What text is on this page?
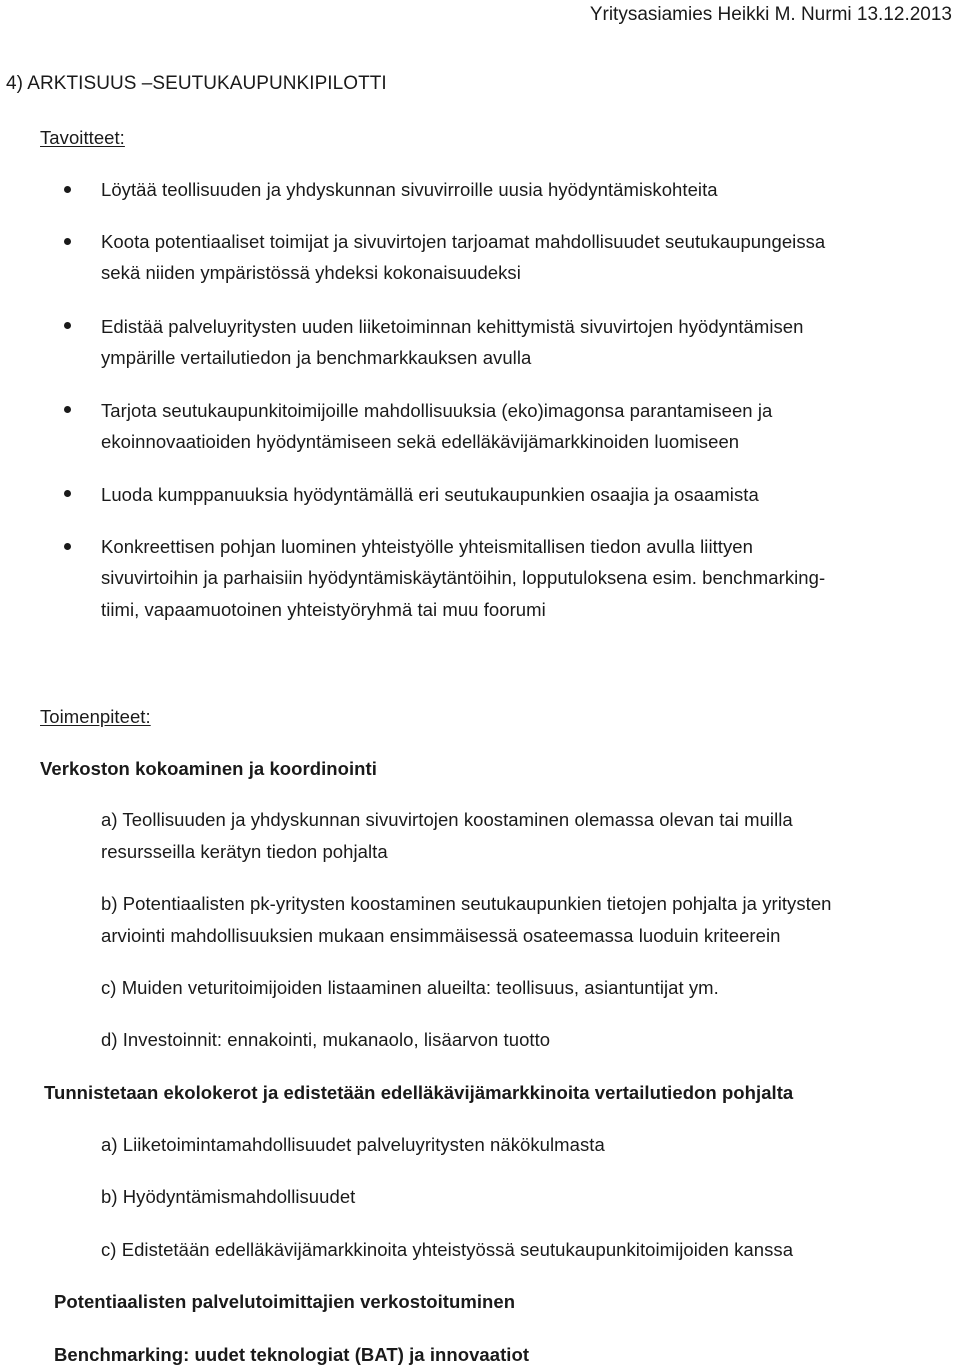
Yritysasiamies Heikki M. Nurmi 13.12.2013
4) ARKTISUUS –SEUTUKAUPUNKIPILOTTI
Tavoitteet:
Löytää teollisuuden ja yhdyskunnan sivuvirroille uusia hyödyntämiskohteita
Koota potentiaaliset toimijat ja sivuvirtojen tarjoamat mahdollisuudet seutukaupungeissa
sekä niiden ympäristössä yhdeksi kokonaisuudeksi
Edistää palveluyritysten uuden liiketoiminnan kehittymistä sivuvirtojen hyödyntämisen
ympärille vertailutiedon ja benchmarkkauksen avulla
Tarjota seutukaupunkitoimijoille mahdollisuuksia (eko)imagonsa parantamiseen ja
ekoinnovaatioiden hyödyntämiseen sekä edelläkävijämarkkinoiden luomiseen
Luoda kumppanuuksia hyödyntämällä eri seutukaupunkien osaajia ja osaamista
Konkreettisen pohjan luominen yhteistyölle yhteismitallisen tiedon avulla liittyen
sivuvirtoihin ja parhaisiin hyödyntämiskäytäntöihin, lopputuloksena esim. benchmarking-
tiimi, vapaamuotoinen yhteistyöryhmä tai muu foorumi
Toimenpiteet:
Verkoston kokoaminen ja koordinointi
a) Teollisuuden ja yhdyskunnan sivuvirtojen koostaminen olemassa olevan tai muilla
resursseilla kerätyn tiedon pohjalta
b) Potentiaalisten pk-yritysten koostaminen seutukaupunkien tietojen pohjalta ja yritysten
arviointi mahdollisuuksien mukaan ensimmäisessä osateemassa luoduin kriteerein
c) Muiden veturitoimijoiden listaaminen alueilta: teollisuus, asiantuntijat ym.
d) Investoinnit: ennakointi, mukanaolo, lisäarvon tuotto
Tunnistetaan ekolokerot ja edistetään edelläkävijämarkkinoita vertailutiedon pohjalta
a) Liiketoimintamahdollisuudet palveluyritysten näkökulmasta
b) Hyödyntämismahdollisuudet
c) Edistetään edelläkävijämarkkinoita yhteistyössä seutukaupunkitoimijoiden kanssa
Potentiaalisten palvelutoimittajien verkostoituminen
Benchmarking: uudet teknologiat (BAT) ja innovaatiot
